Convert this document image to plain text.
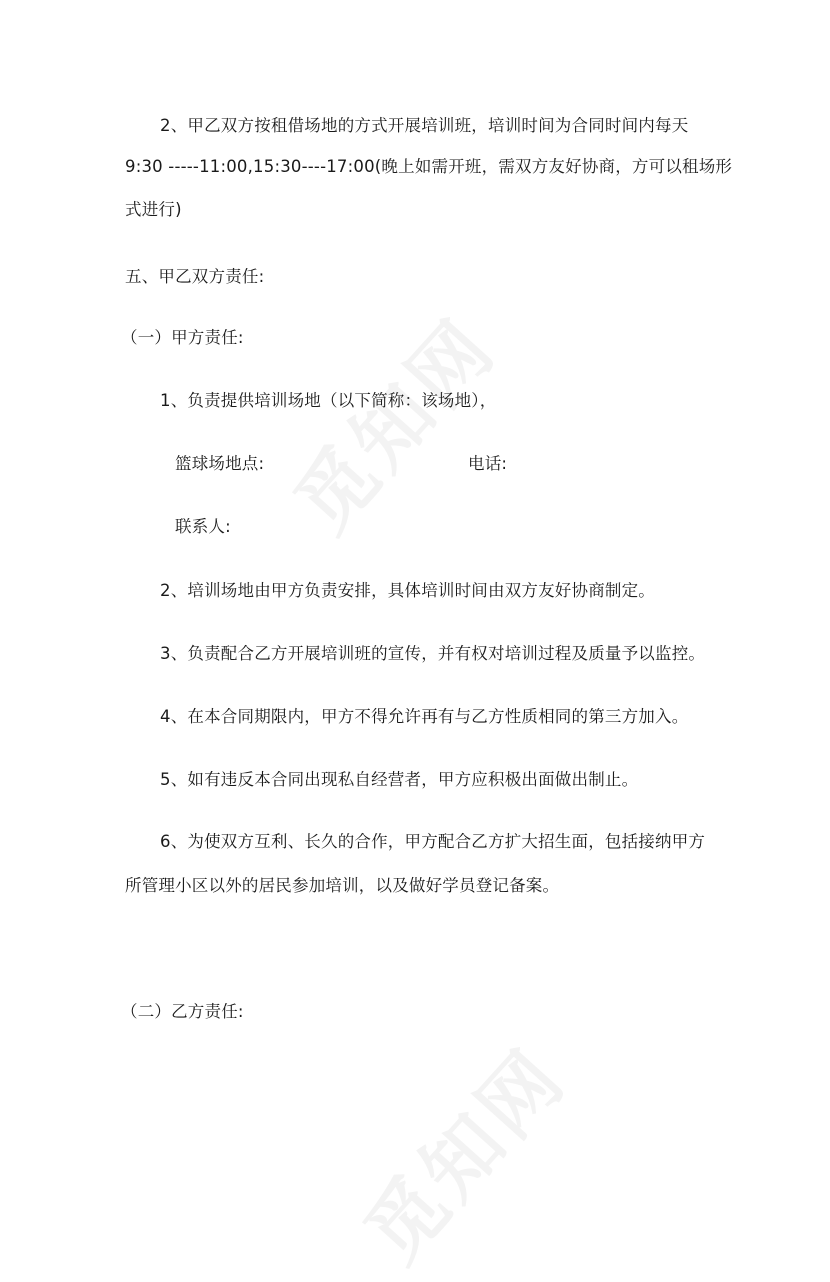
2、甲乙双方按租借场地的方式开展培训班，培训时间为合同时间内每天
9:30 -----11:00,15:30----17:00(晚上如需开班，需双方友好协商，方可以租场形
式进行)
五、甲乙双方责任:
（一）甲方责任:
1、负责提供培训场地（以下简称：该场地），
篮球场地点:	电话:
联系人:
2、培训场地由甲方负责安排，具体培训时间由双方友好协商制定。
3、负责配合乙方开展培训班的宣传，并有权对培训过程及质量予以监控。
4、在本合同期限内，甲方不得允许再有与乙方性质相同的第三方加入。
5、如有违反本合同出现私自经营者，甲方应积极出面做出制止。
6、为使双方互利、长久的合作，甲方配合乙方扩大招生面，包括接纳甲方
所管理小区以外的居民参加培训，以及做好学员登记备案。
（二）乙方责任:
